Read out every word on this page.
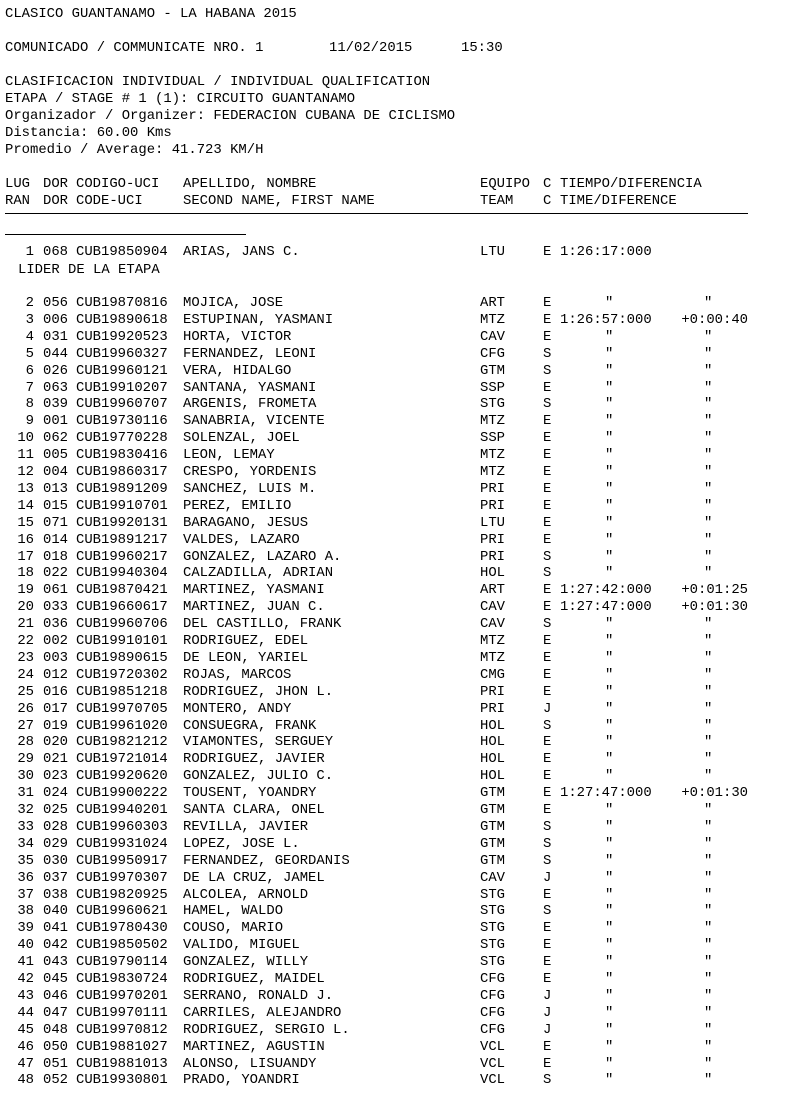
CLASICO GUANTANAMO - LA HABANA 2015
COMUNICADO / COMMUNICATE NRO. 1	11/02/2015	15:30
CLASIFICACION INDIVIDUAL / INDIVIDUAL QUALIFICATION
ETAPA / STAGE # 1 (1): CIRCUITO GUANTANAMO
Organizador / Organizer: FEDERACION CUBANA DE CICLISMO
Distancia: 60.00 Kms
Promedio / Average: 41.723 KM/H
LUG DOR CODIGO-UCI APELLIDO, NOMBRE	EQUIPO C TIEMPO/DIFERENCIA
RAN DOR CODE-UCI	SECOND NAME, FIRST NAME	TEAM C TIME/DIFERENCE
1 068 CUB19850904 ARIAS, JANS C.	LTU	E 1:26:17:000
2 056 CUB19870816 MOJICA, JOSE	ART	E	"	"
3 006 CUB19890618 ESTUPINAN, YASMANI	MTZ	E 1:26:57:000 +0:00:40
4 031 CUB19920523 HORTA, VICTOR	CAV	E	"	"
5 044 CUB19960327 FERNANDEZ, LEONI	CFG	S	"	"
6 026 CUB19960121 VERA, HIDALGO	GTM	S	"	"
7 063 CUB19910207 SANTANA, YASMANI	SSP	E	"	"
8 039 CUB19960707 ARGENIS, FROMETA	STG	S	"	"
9 001 CUB19730116 SANABRIA, VICENTE	MTZ	E	"	"
10 062 CUB19770228 SOLENZAL, JOEL	SSP	E	"	"
11 005 CUB19830416 LEON, LEMAY	MTZ	E	"	"
12 004 CUB19860317 CRESPO, YORDENIS	MTZ	E	"	"
13 013 CUB19891209 SANCHEZ, LUIS M.	PRI	E	"	"
14 015 CUB19910701 PEREZ, EMILIO	PRI	E	"	"
15 071 CUB19920131 BARAGANO, JESUS	LTU	E	"	"
16 014 CUB19891217 VALDES, LAZARO	PRI	E	"	"
17 018 CUB19960217 GONZALEZ, LAZARO A.	PRI	S	"	"
18 022 CUB19940304 CALZADILLA, ADRIAN	HOL	S	"	"
19 061 CUB19870421 MARTINEZ, YASMANI	ART	E 1:27:42:000 +0:01:25
20 033 CUB19660617 MARTINEZ, JUAN C.	CAV	E 1:27:47:000 +0:01:30
21 036 CUB19960706 DEL CASTILLO, FRANK	CAV	S	"	"
22 002 CUB19910101 RODRIGUEZ, EDEL	MTZ	E	"	"
23 003 CUB19890615 DE LEON, YARIEL	MTZ	E	"	"
24 012 CUB19720302 ROJAS, MARCOS	CMG	E	"	"
25 016 CUB19851218 RODRIGUEZ, JHON L.	PRI	E	"	"
26 017 CUB19970705 MONTERO, ANDY	PRI	J	"	"
27 019 CUB19961020 CONSUEGRA, FRANK	HOL	S	"	"
28 020 CUB19821212 VIAMONTES, SERGUEY	HOL	E	"	"
29 021 CUB19721014 RODRIGUEZ, JAVIER	HOL	E	"	"
30 023 CUB19920620 GONZALEZ, JULIO C.	HOL	E	"	"
31 024 CUB19900222 TOUSENT, YOANDRY	GTM	E 1:27:47:000 +0:01:30
32 025 CUB19940201 SANTA CLARA, ONEL	GTM	E	"	"
33 028 CUB19960303 REVILLA, JAVIER	GTM	S	"	"
34 029 CUB19931024 LOPEZ, JOSE L.	GTM	S	"	"
35 030 CUB19950917 FERNANDEZ, GEORDANIS	GTM	S	"	"
36 037 CUB19970307 DE LA CRUZ, JAMEL	CAV	J	"	"
37 038 CUB19820925 ALCOLEA, ARNOLD	STG	E	"	"
38 040 CUB19960621 HAMEL, WALDO	STG	S	"	"
39 041 CUB19780430 COUSO, MARIO	STG	E	"	"
40 042 CUB19850502 VALIDO, MIGUEL	STG	E	"	"
41 043 CUB19790114 GONZALEZ, WILLY	STG	E	"	"
42 045 CUB19830724 RODRIGUEZ, MAIDEL	CFG	E	"	"
43 046 CUB19970201 SERRANO, RONALD J.	CFG	J	"	"
44 047 CUB19970111 CARRILES, ALEJANDRO	CFG	J	"	"
45 048 CUB19970812 RODRIGUEZ, SERGIO L.	CFG	J	"	"
46 050 CUB19881027 MARTINEZ, AGUSTIN	VCL	E	"	"
47 051 CUB19881013 ALONSO, LISUANDY	VCL	E	"	"
48 052 CUB19930801 PRADO, YOANDRI	VCL	S	"	"
LIDER DE LA ETAPA
